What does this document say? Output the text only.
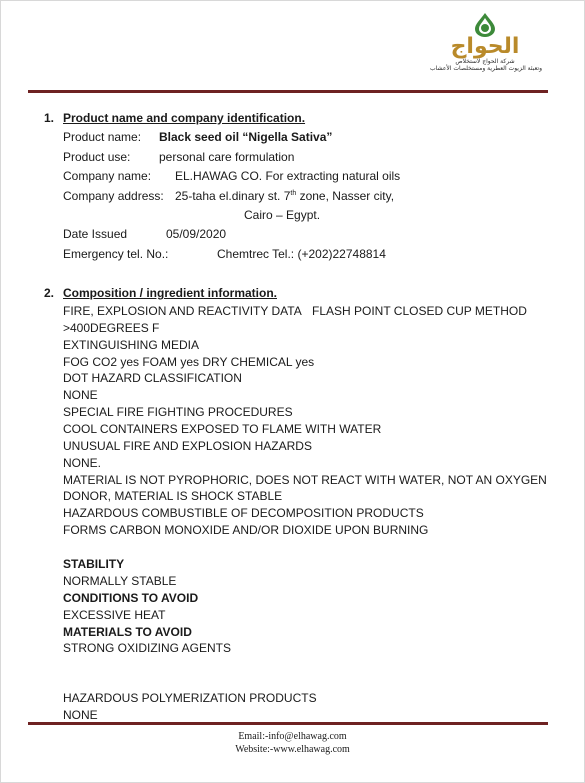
الحواج
شركة الحواج لاستخلاص
وتعبئة الزيوت العطرية ومستخلصات الأعشاب
1. Product name and company identification.
Product name: Black seed oil “Nigella Sativa”
Product use: personal care formulation
Company name: EL.HAWAG CO. For extracting natural oils
Company address: 25-taha el.dinary st. 7th zone, Nasser city,
Cairo – Egypt.
Date Issued	05/09/2020
Emergency tel. No.:	Chemtrec Tel.: (+202)22748814
2. Composition / ingredient information.
FIRE, EXPLOSION AND REACTIVITY DATA FLASH POINT CLOSED CUP METHOD
>400DEGREES F
EXTINGUISHING MEDIA
FOG CO2 yes FOAM yes DRY CHEMICAL yes
DOT HAZARD CLASSIFICATION
NONE
SPECIAL FIRE FIGHTING PROCEDURES
COOL CONTAINERS EXPOSED TO FLAME WITH WATER
UNUSUAL FIRE AND EXPLOSION HAZARDS
NONE.
MATERIAL IS NOT PYROPHORIC, DOES NOT REACT WITH WATER, NOT AN OXYGEN
DONOR, MATERIAL IS SHOCK STABLE
HAZARDOUS COMBUSTIBLE OF DECOMPOSITION PRODUCTS
FORMS CARBON MONOXIDE AND/OR DIOXIDE UPON BURNING
STABILITY
NORMALLY STABLE
CONDITIONS TO AVOID
EXCESSIVE HEAT
MATERIALS TO AVOID
STRONG OXIDIZING AGENTS
HAZARDOUS POLYMERIZATION PRODUCTS
NONE
Email:-info@elhawag.com
Website:-www.elhawag.com
